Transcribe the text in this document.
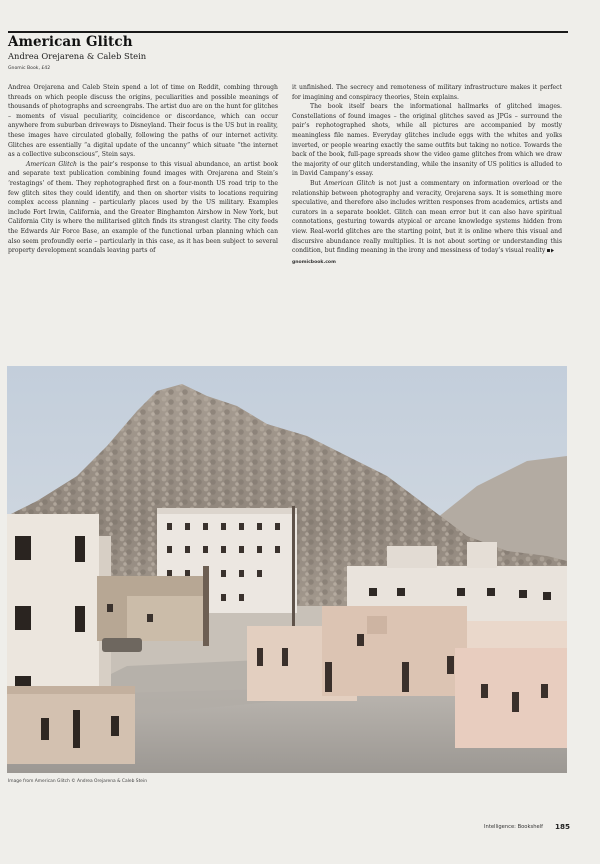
American Glitch
Andrea Orejarena & Caleb Stein
Gnomic Book, £42

Andrea Orejarena and Caleb Stein spend a lot of time on Reddit, combing through threads on which people discuss the origins, peculiarities and possible meanings of thousands of photographs and screengrabs. The artist duo are on the hunt for glitches – moments of visual peculiarity, coincidence or discordance, which can occur anywhere from suburban driveways to Disneyland. Their focus is the US but in reality, these images have circulated globally, following the paths of our internet activity. Glitches are essentially “a digital update of the uncanny” which situate “the internet as a collective subconscious”, Stein says.

American Glitch is the pair’s response to this visual abundance, an artist book and separate text publication combining found images with Orejarena and Stein’s ‘restagings’ of them. They rephotographed first on a four-month US road trip to the few glitch sites they could identify, and then on shorter visits to locations requiring complex access planning – particularly places used by the US military. Examples include Fort Irwin, California, and the Greater Binghamton Airshow in New York, but California City is where the militarised glitch finds its strangest clarity. The city feeds the Edwards Air Force Base, an example of the functional urban planning which can also seem profoundly eerie – particularly in this case, as it has been subject to several property development scandals leaving parts of

it unfinished. The secrecy and remoteness of military infrastructure makes it perfect for imagining and conspiracy theories, Stein explains.

The book itself bears the informational hallmarks of glitched images. Constellations of found images – the original glitches saved as JPGs – surround the pair’s rephotographed shots, while all pictures are accompanied by mostly meaningless file names. Everyday glitches include eggs with the whites and yolks inverted, or people wearing exactly the same outfits but taking no notice. Towards the back of the book, full-page spreads show the video game glitches from which we draw the majority of our glitch understanding, while the insanity of US politics is alluded to in David Campany’s essay.

But American Glitch is not just a commentary on information overload or the relationship between photography and veracity, Orejarena says. It is something more speculative, and therefore also includes written responses from academics, artists and curators in a separate booklet. Glitch can mean error but it can also have spiritual connotations, gesturing towards atypical or arcane knowledge systems hidden from view. Real-world glitches are the starting point, but it is online where this visual and discursive abundance really multiplies. It is not about sorting or understanding this condition, but finding meaning in the irony and messiness of today’s visual reality

gnomicbook.com
Image from American Glitch © Andrea Orejarena & Caleb Stein
Intelligence: Bookshelf 185
